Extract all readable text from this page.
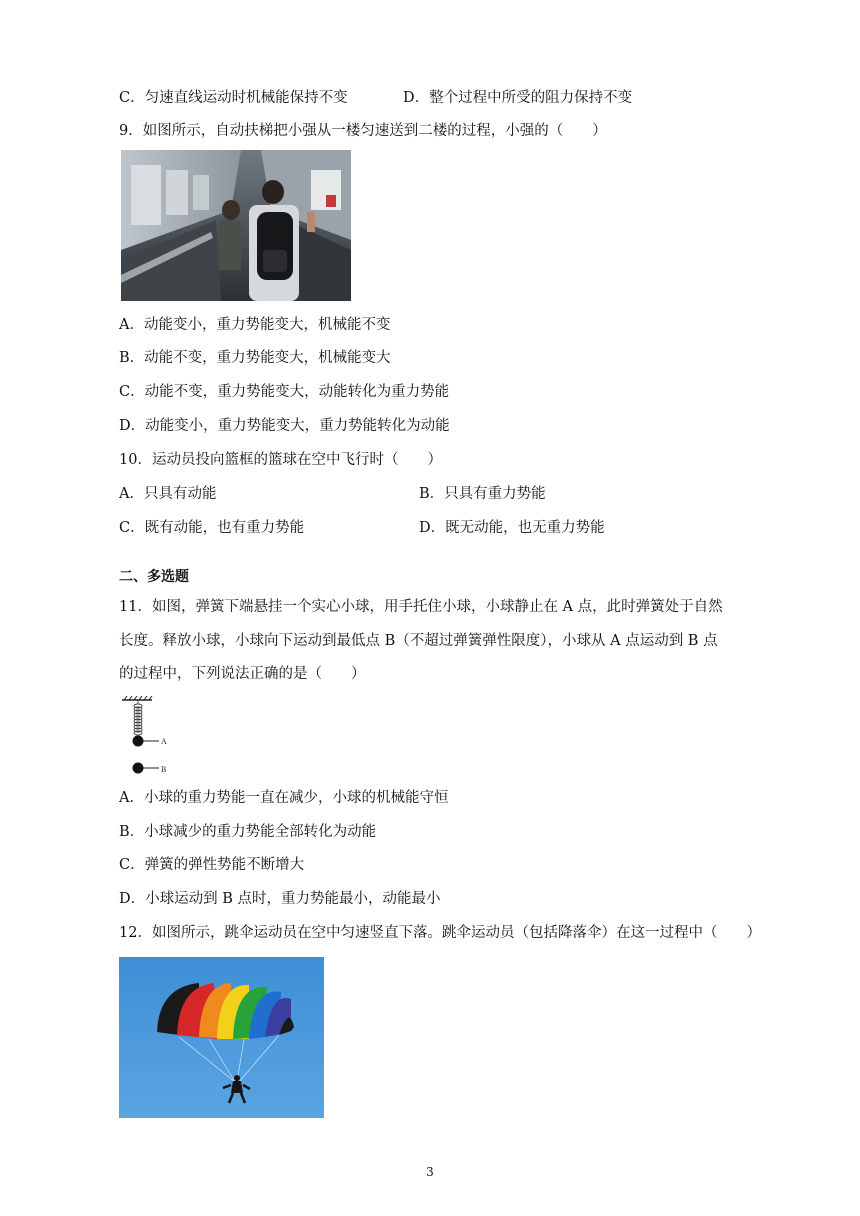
C．匀速直线运动时机械能保持不变	D．整个过程中所受的阻力保持不变
9．如图所示，自动扶梯把小强从一楼匀速送到二楼的过程，小强的（　　）
A．动能变小，重力势能变大，机械能不变
B．动能不变，重力势能变大，机械能变大
C．动能不变，重力势能变大，动能转化为重力势能
D．动能变小，重力势能变大，重力势能转化为动能
10．运动员投向篮框的篮球在空中飞行时（　　）
A．只具有动能	B．只具有重力势能
C．既有动能，也有重力势能	D．既无动能，也无重力势能
二、多选题
11．如图，弹簧下端悬挂一个实心小球，用手托住小球，小球静止在 A 点，此时弹簧处于自然
长度。释放小球，小球向下运动到最低点 B（不超过弹簧弹性限度），小球从 A 点运动到 B 点
的过程中，下列说法正确的是（　　）
A
B
A．小球的重力势能一直在减少，小球的机械能守恒
B．小球减少的重力势能全部转化为动能
C．弹簧的弹性势能不断增大
D．小球运动到 B 点时，重力势能最小，动能最小
12．如图所示，跳伞运动员在空中匀速竖直下落。跳伞运动员（包括降落伞）在这一过程中（　　）
3
